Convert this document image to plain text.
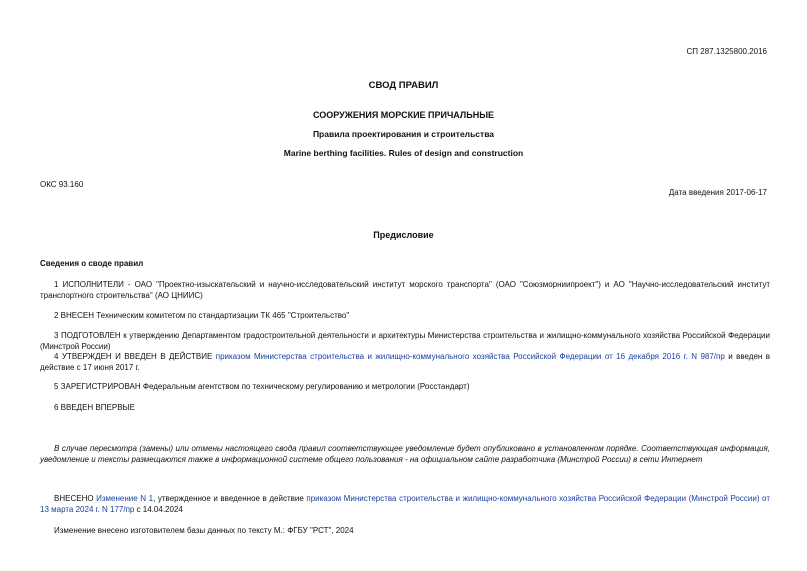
СП 287.1325800.2016
СВОД ПРАВИЛ
СООРУЖЕНИЯ МОРСКИЕ ПРИЧАЛЬНЫЕ
Правила проектирования и строительства
Marine berthing facilities. Rules of design and construction
ОКС 93.160
Дата введения 2017-06-17
Предисловие
Сведения о своде правил
1 ИСПОЛНИТЕЛИ - ОАО "Проектно-изыскательский и научно-исследовательский институт морского транспорта" (ОАО "Союзморниипроект") и АО "Научно-исследовательский институт транспортного строительства" (АО ЦНИИС)
2 ВНЕСЕН Техническим комитетом по стандартизации ТК 465 "Строительство"
3 ПОДГОТОВЛЕН к утверждению Департаментом градостроительной деятельности и архитектуры Министерства строительства и жилищно-коммунального хозяйства Российской Федерации (Минстрой России)
4 УТВЕРЖДЕН И ВВЕДЕН В ДЕЙСТВИЕ приказом Министерства строительства и жилищно-коммунального хозяйства Российской Федерации от 16 декабря 2016 г. N 987/пр и введен в действие с 17 июня 2017 г.
5 ЗАРЕГИСТРИРОВАН Федеральным агентством по техническому регулированию и метрологии (Росстандарт)
6 ВВЕДЕН ВПЕРВЫЕ
В случае пересмотра (замены) или отмены настоящего свода правил соответствующее уведомление будет опубликовано в установленном порядке. Соответствующая информация, уведомление и тексты размещаются также в информационной системе общего пользования - на официальном сайте разработчика (Минстрой России) в сети Интернет
ВНЕСЕНО Изменение N 1, утвержденное и введенное в действие приказом Министерства строительства и жилищно-коммунального хозяйства Российской Федерации (Минстрой России) от 13 марта 2024 г. N 177/пр с 14.04.2024
Изменение внесено изготовителем базы данных по тексту М.: ФГБУ "РСТ", 2024
